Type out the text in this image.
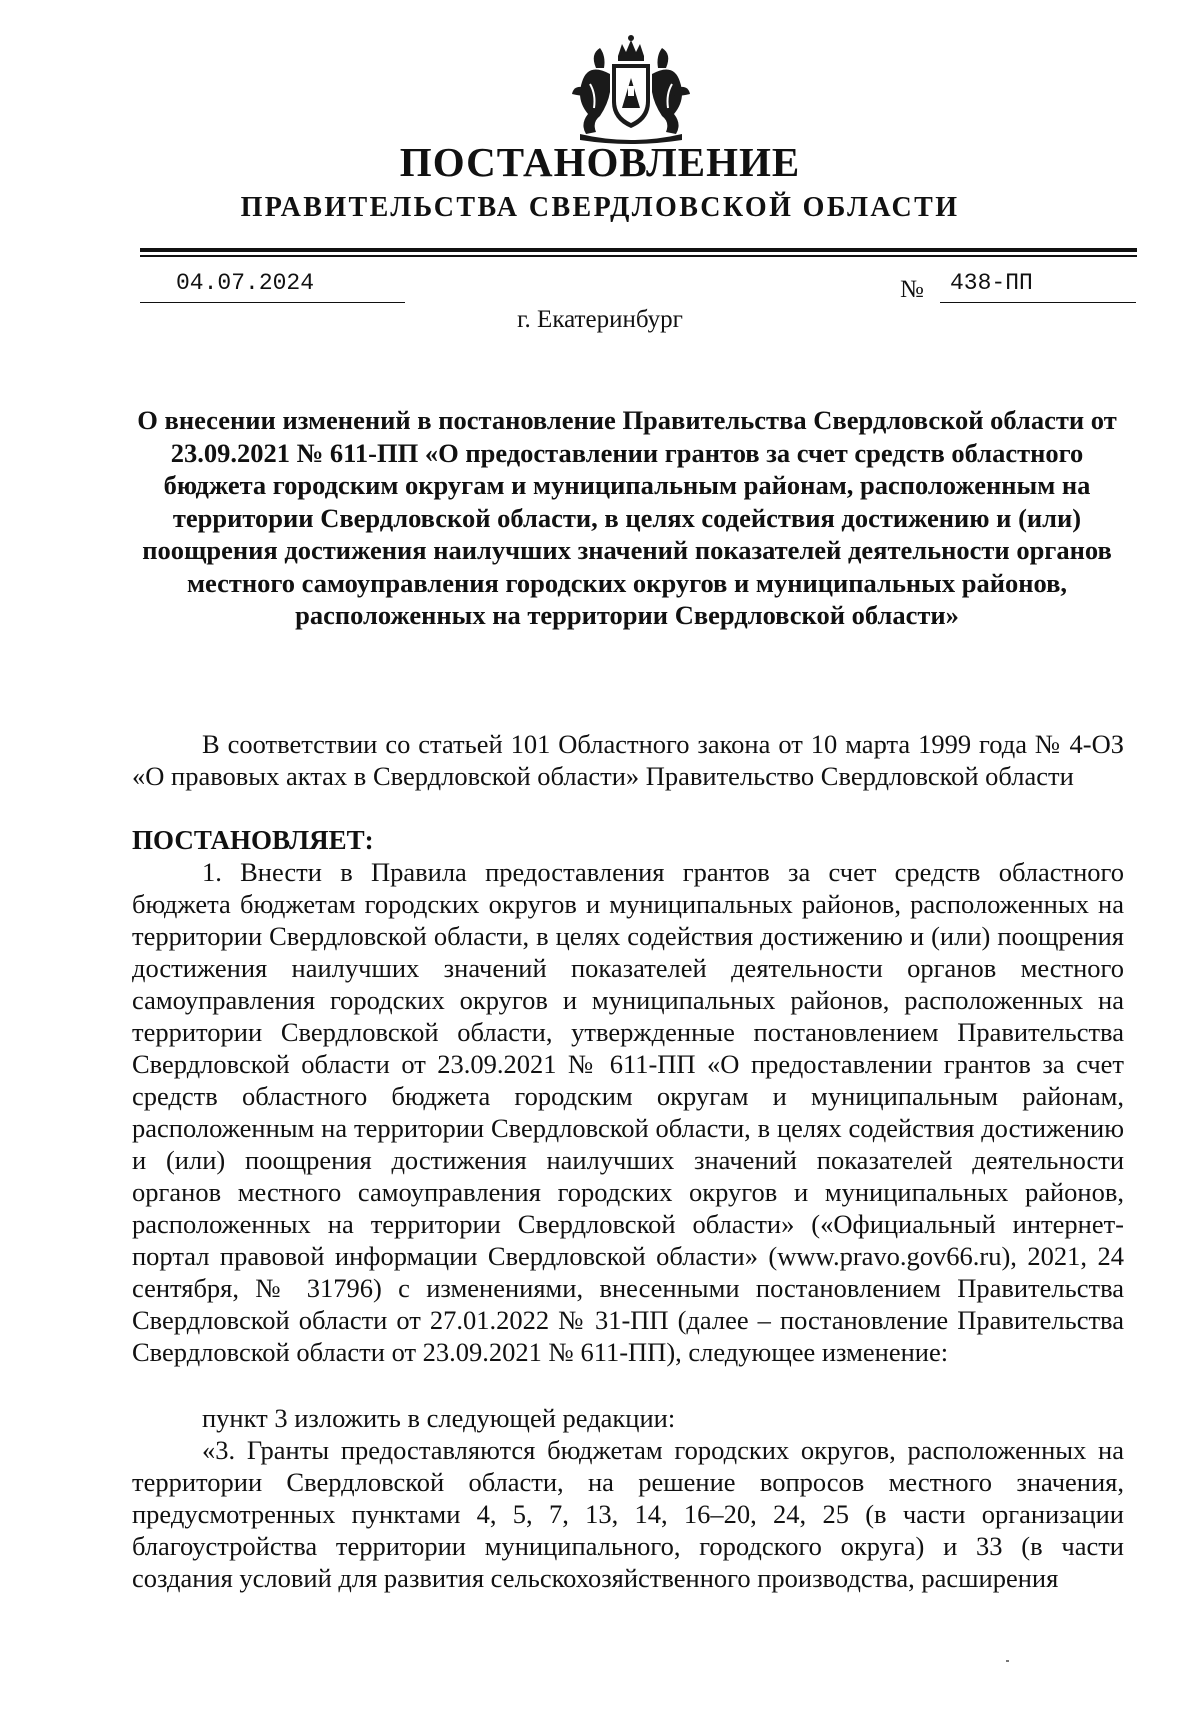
ПОСТАНОВЛЕНИЕ
ПРАВИТЕЛЬСТВА СВЕРДЛОВСКОЙ ОБЛАСТИ
04.07.2024	№ 438-ПП
г. Екатеринбург
О внесении изменений в постановление Правительства Свердловской области от 23.09.2021 № 611-ПП «О предоставлении грантов за счет средств областного бюджета городским округам и муниципальным районам, расположенным на территории Свердловской области, в целях содействия достижению и (или) поощрения достижения наилучших значений показателей деятельности органов местного самоуправления городских округов и муниципальных районов, расположенных на территории Свердловской области»

В соответствии со статьей 101 Областного закона от 10 марта 1999 года № 4-ОЗ «О правовых актах в Свердловской области» Правительство Свердловской области

ПОСТАНОВЛЯЕТ:

1. Внести в Правила предоставления грантов за счет средств областного бюджета бюджетам городских округов и муниципальных районов, расположенных на территории Свердловской области, в целях содействия достижению и (или) поощрения достижения наилучших значений показателей деятельности органов местного самоуправления городских округов и муниципальных районов, расположенных на территории Свердловской области, утвержденные постановлением Правительства Свердловской области от 23.09.2021 № 611-ПП «О предоставлении грантов за счет средств областного бюджета городским округам и муниципальным районам, расположенным на территории Свердловской области, в целях содействия достижению и (или) поощрения достижения наилучших значений показателей деятельности органов местного самоуправления городских округов и муниципальных районов, расположенных на территории Свердловской области» («Официальный интернет-портал правовой информации Свердловской области» (www.pravo.gov66.ru), 2021, 24 сентября, № 31796) с изменениями, внесенными постановлением Правительства Свердловской области от 27.01.2022 № 31-ПП (далее – постановление Правительства Свердловской области от 23.09.2021 № 611-ПП), следующее изменение:

пункт 3 изложить в следующей редакции:

«3. Гранты предоставляются бюджетам городских округов, расположенных на территории Свердловской области, на решение вопросов местного значения, предусмотренных пунктами 4, 5, 7, 13, 14, 16–20, 24, 25 (в части организации благоустройства территории муниципального, городского округа) и 33 (в части создания условий для развития сельскохозяйственного производства, расширения
